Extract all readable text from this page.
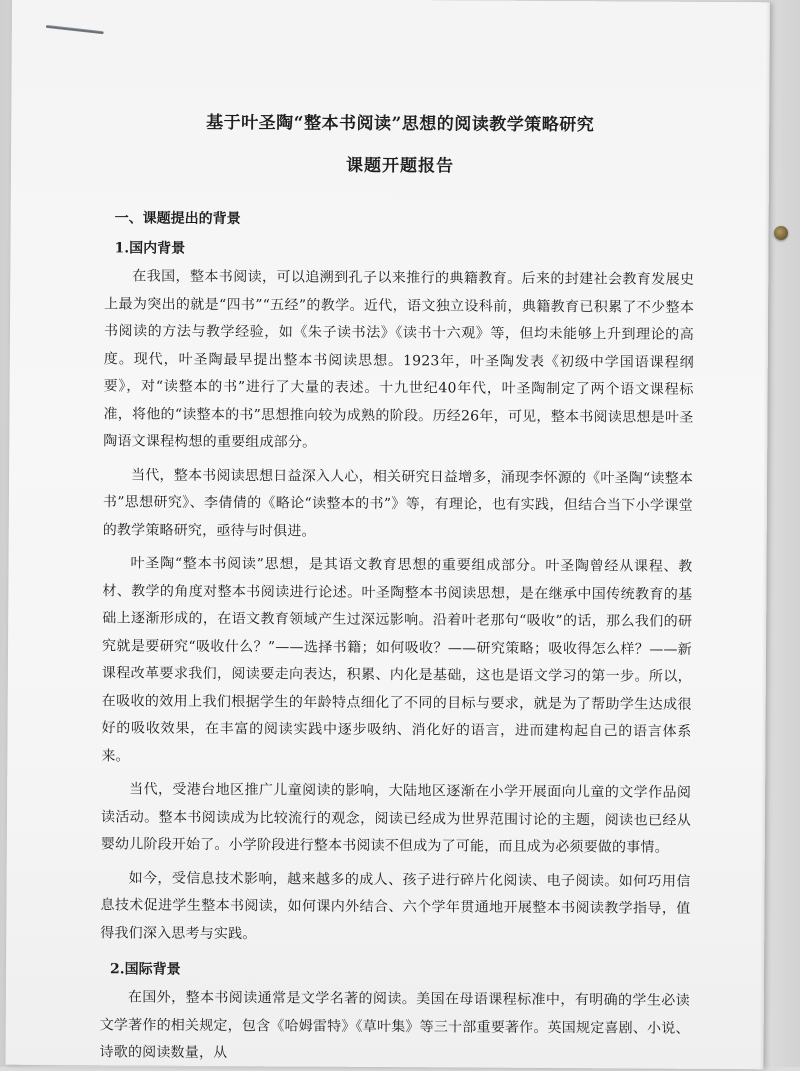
基于叶圣陶“整本书阅读”思想的阅读教学策略研究
课题开题报告
一、课题提出的背景
1.国内背景

在我国，整本书阅读，可以追溯到孔子以来推行的典籍教育。后来的封建社会教育发展史上最为突出的就是“四书”“五经”的教学。近代，语文独立设科前，典籍教育已积累了不少整本书阅读的方法与教学经验，如《朱子读书法》《读书十六观》等，但均未能够上升到理论的高度。现代，叶圣陶最早提出整本书阅读思想。1923年，叶圣陶发表《初级中学国语课程纲要》，对“读整本的书”进行了大量的表述。十九世纪40年代，叶圣陶制定了两个语文课程标准，将他的“读整本的书”思想推向较为成熟的阶段。历经26年，可见，整本书阅读思想是叶圣陶语文课程构想的重要组成部分。

当代，整本书阅读思想日益深入人心，相关研究日益增多，涌现李怀源的《叶圣陶“读整本书”思想研究》、李倩倩的《略论“读整本的书”》等，有理论，也有实践，但结合当下小学课堂的教学策略研究，亟待与时俱进。

叶圣陶“整本书阅读”思想，是其语文教育思想的重要组成部分。叶圣陶曾经从课程、教材、教学的角度对整本书阅读进行论述。叶圣陶整本书阅读思想，是在继承中国传统教育的基础上逐渐形成的，在语文教育领域产生过深远影响。沿着叶老那句“吸收”的话，那么我们的研究就是要研究“吸收什么？”——选择书籍；如何吸收？——研究策略；吸收得怎么样？——新课程改革要求我们，阅读要走向表达，积累、内化是基础，这也是语文学习的第一步。所以，在吸收的效用上我们根据学生的年龄特点细化了不同的目标与要求，就是为了帮助学生达成很好的吸收效果，在丰富的阅读实践中逐步吸纳、消化好的语言，进而建构起自己的语言体系来。

当代，受港台地区推广儿童阅读的影响，大陆地区逐渐在小学开展面向儿童的文学作品阅读活动。整本书阅读成为比较流行的观念，阅读已经成为世界范围讨论的主题，阅读也已经从婴幼儿阶段开始了。小学阶段进行整本书阅读不但成为了可能，而且成为必须要做的事情。

如今，受信息技术影响，越来越多的成人、孩子进行碎片化阅读、电子阅读。如何巧用信息技术促进学生整本书阅读，如何课内外结合、六个学年贯通地开展整本书阅读教学指导，值得我们深入思考与实践。

2.国际背景

在国外，整本书阅读通常是文学名著的阅读。美国在母语课程标准中，有明确的学生必读文学著作的相关规定，包含《哈姆雷特》《草叶集》等三十部重要著作。英国规定喜剧、小说、诗歌的阅读数量，从
